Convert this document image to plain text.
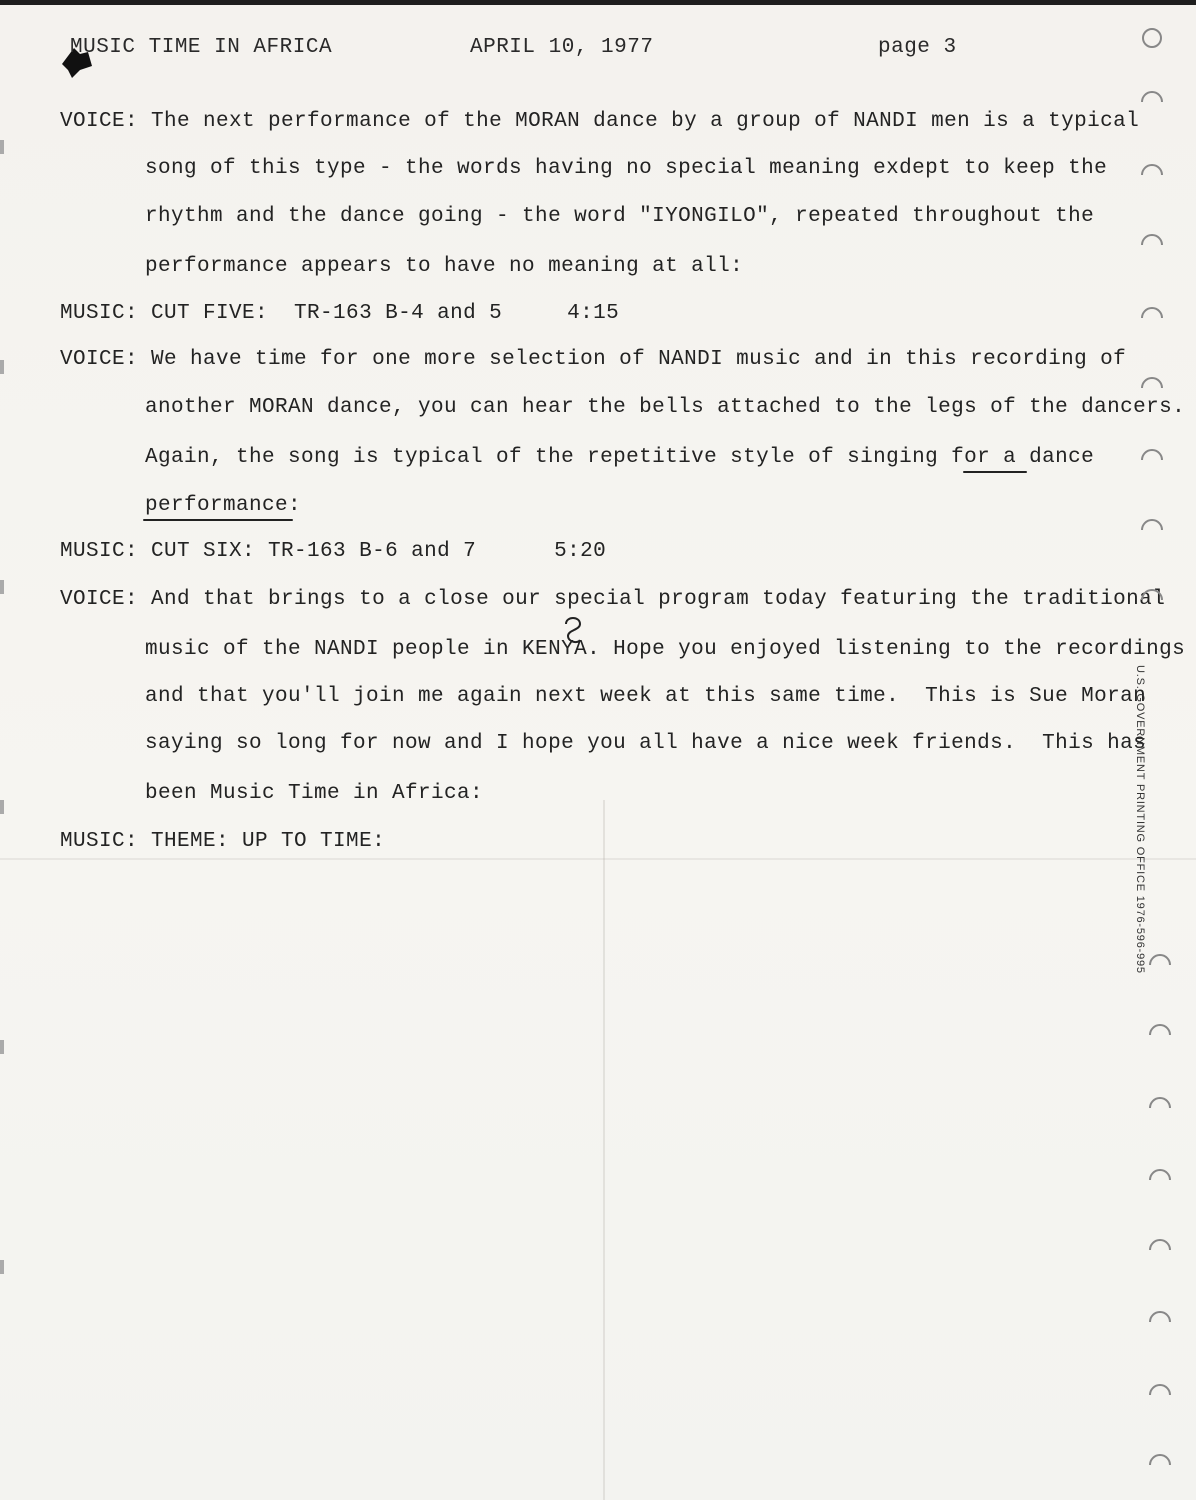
MUSIC TIME IN AFRICA	APRIL 10, 1977	page 3
VOICE: The next performance of the MORAN dance by a group of NANDI men is a typical
song of this type - the words having no special meaning exdept to keep the
rhythm and the dance going - the word "IYONGILO", repeated throughout the
performance appears to have no meaning at all:
MUSIC: CUT FIVE:  TR-163 B-4 and 5     4:15
VOICE: We have time for one more selection of NANDI music and in this recording of
another MORAN dance, you can hear the bells attached to the legs of the dancers.
Again, the song is typical of the repetitive style of singing for a dance
performance:
MUSIC: CUT SIX: TR-163 B-6 and 7      5:20
VOICE: And that brings to a close our special program today featuring the traditional
music of the NANDI people in KENYA. Hope you enjoyed listening to the recordings
and that you'll join me again next week at this same time.  This is Sue Moran
saying so long for now and I hope you all have a nice week friends.  This has
been Music Time in Africa:
MUSIC: THEME: UP TO TIME:	U.S. GOVERNMENT PRINTING OFFICE 1976-596-995
